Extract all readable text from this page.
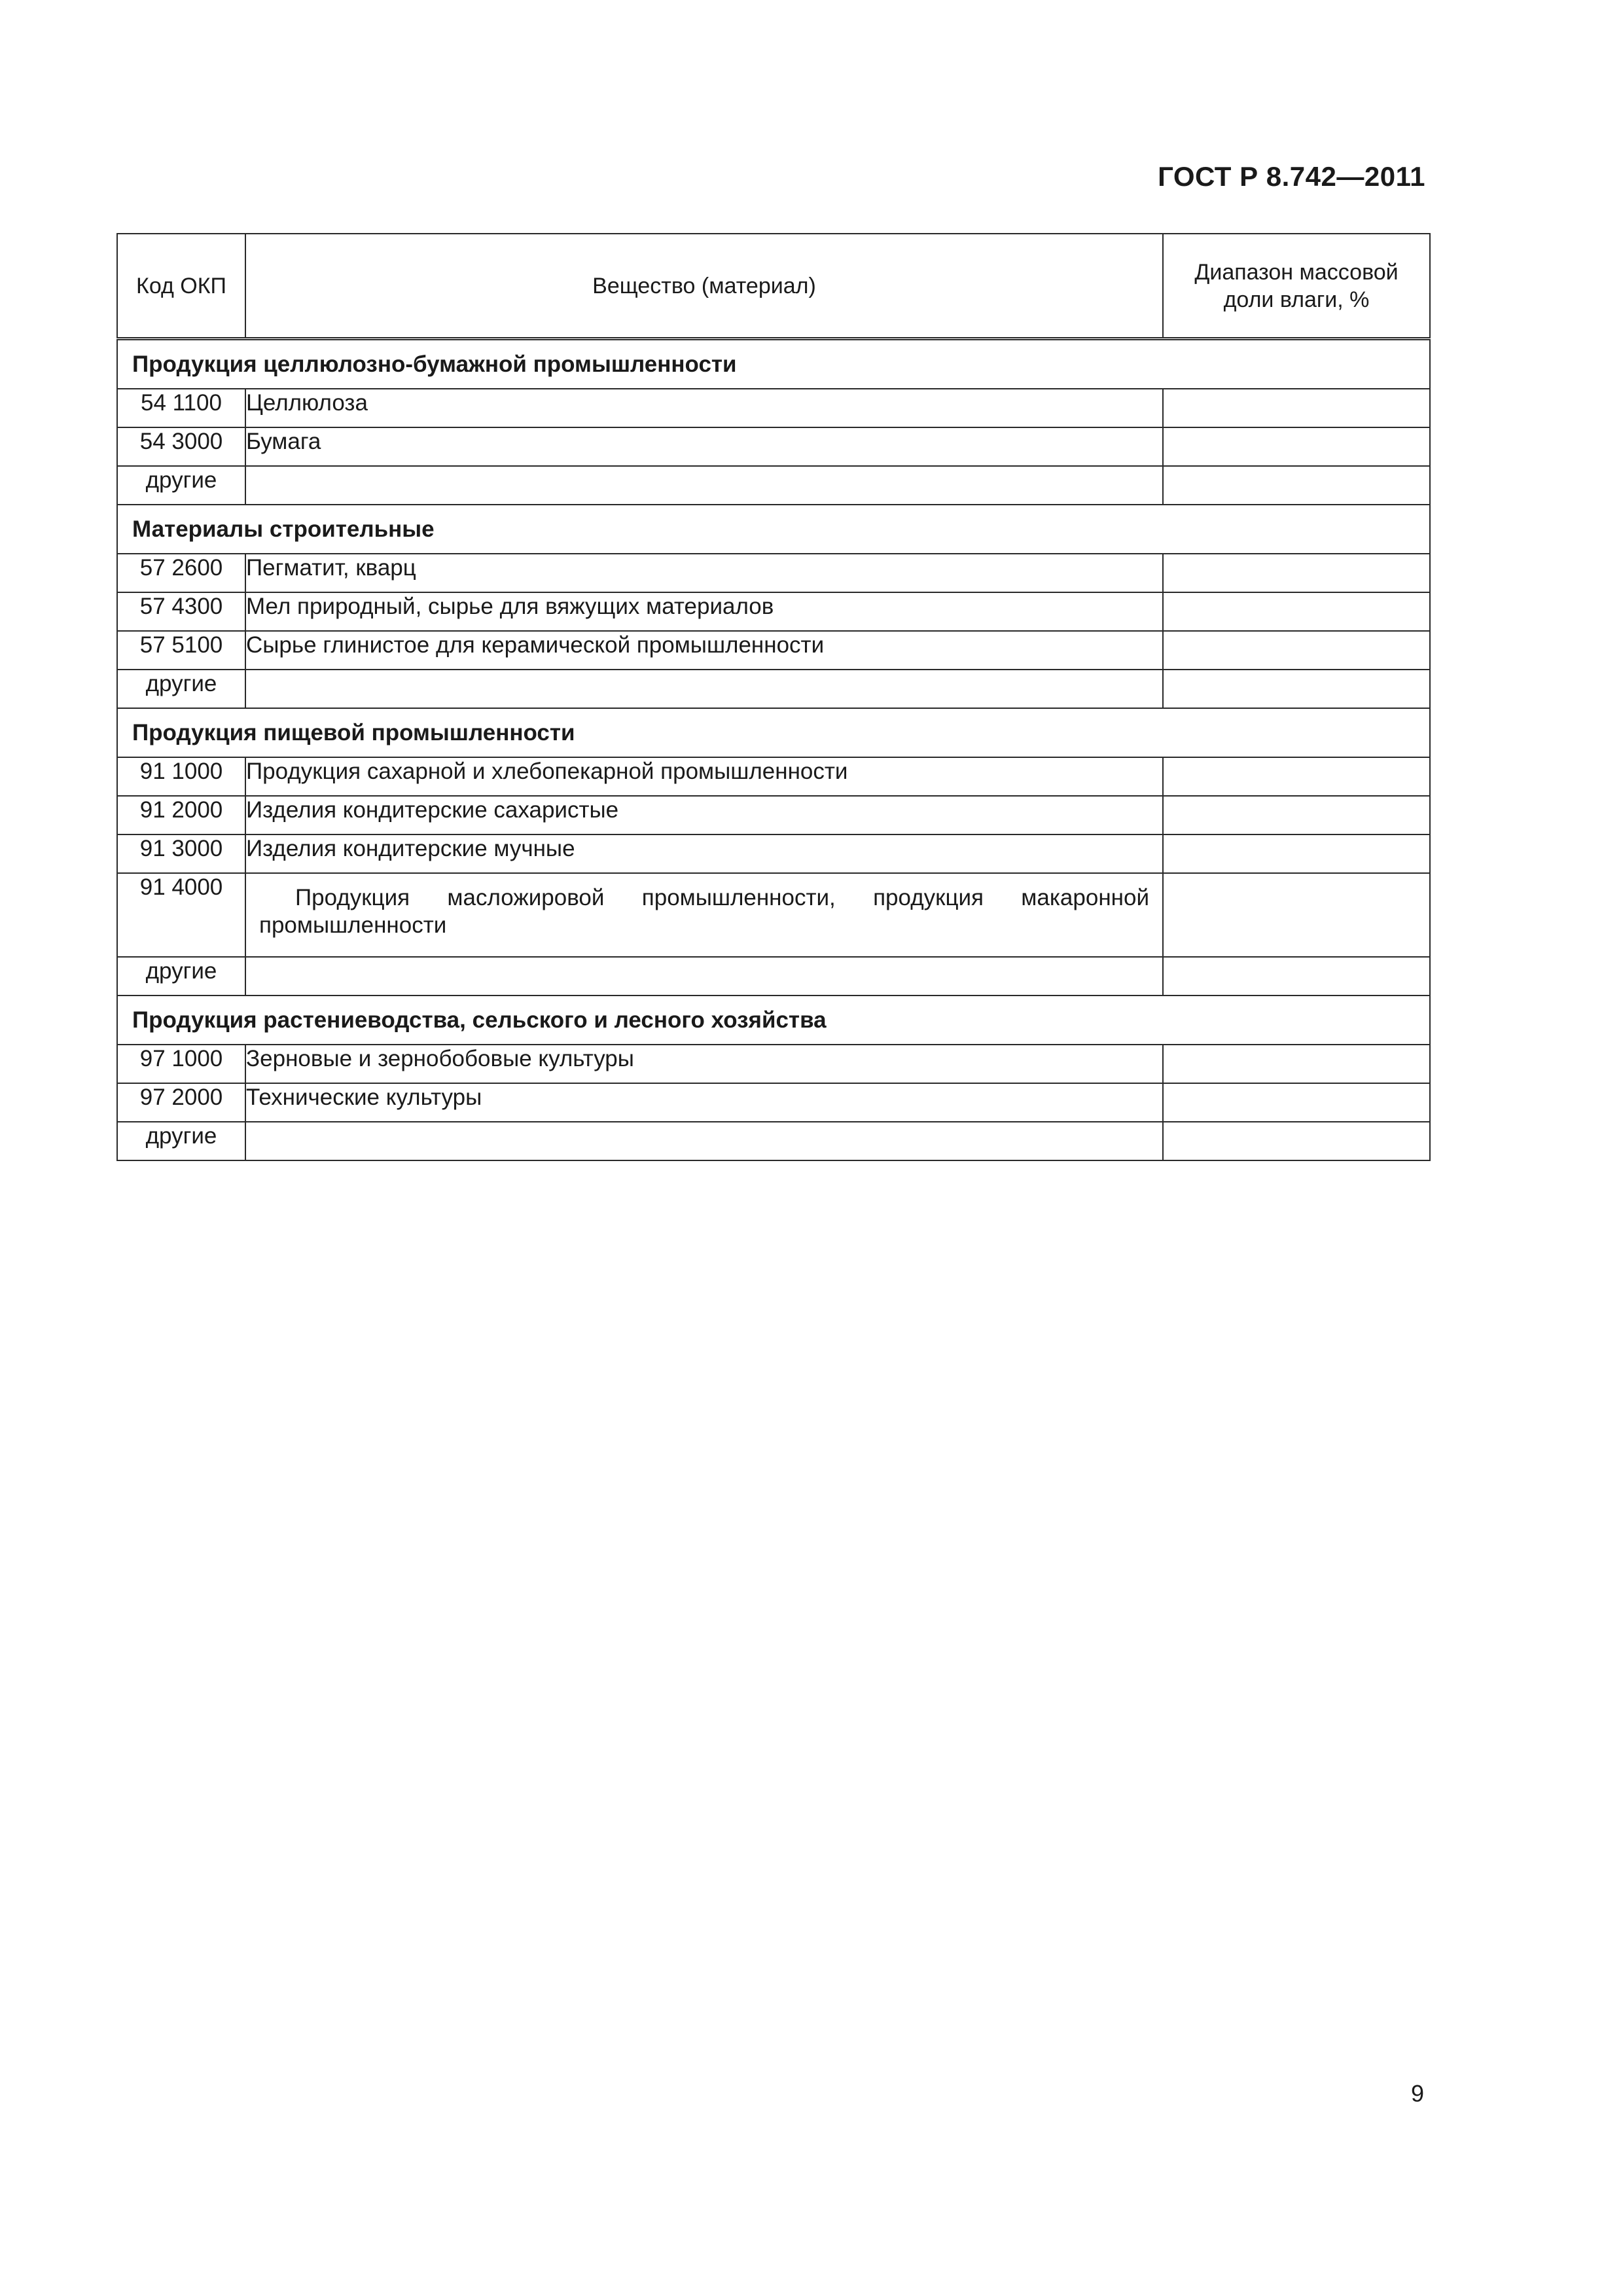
ГОСТ Р 8.742—2011
Код ОКП	Вещество (материал)	Диапазон массовой
доли влаги, %
Продукция целлюлозно-бумажной промышленности		
54 1100	Целлюлоза	
54 3000	Бумага	
другие		
Материалы строительные		
57 2600	Пегматит, кварц	
57 4300	Мел природный, сырье для вяжущих материалов	
57 5100	Сырье глинистое для керамической промышленности	
другие		
Продукция пищевой промышленности		
91 1000	Продукция сахарной и хлебопекарной промышленности	
91 2000	Изделия кондитерские сахаристые	
91 3000	Изделия кондитерские мучные	
91 4000	Продукция масложировой промышленности, продукция макаронной промышленности	
другие		
Продукция растениеводства, сельского и лесного хозяйства		
97 1000	Зерновые и зернобобовые культуры	
97 2000	Технические культуры	
другие		
9
